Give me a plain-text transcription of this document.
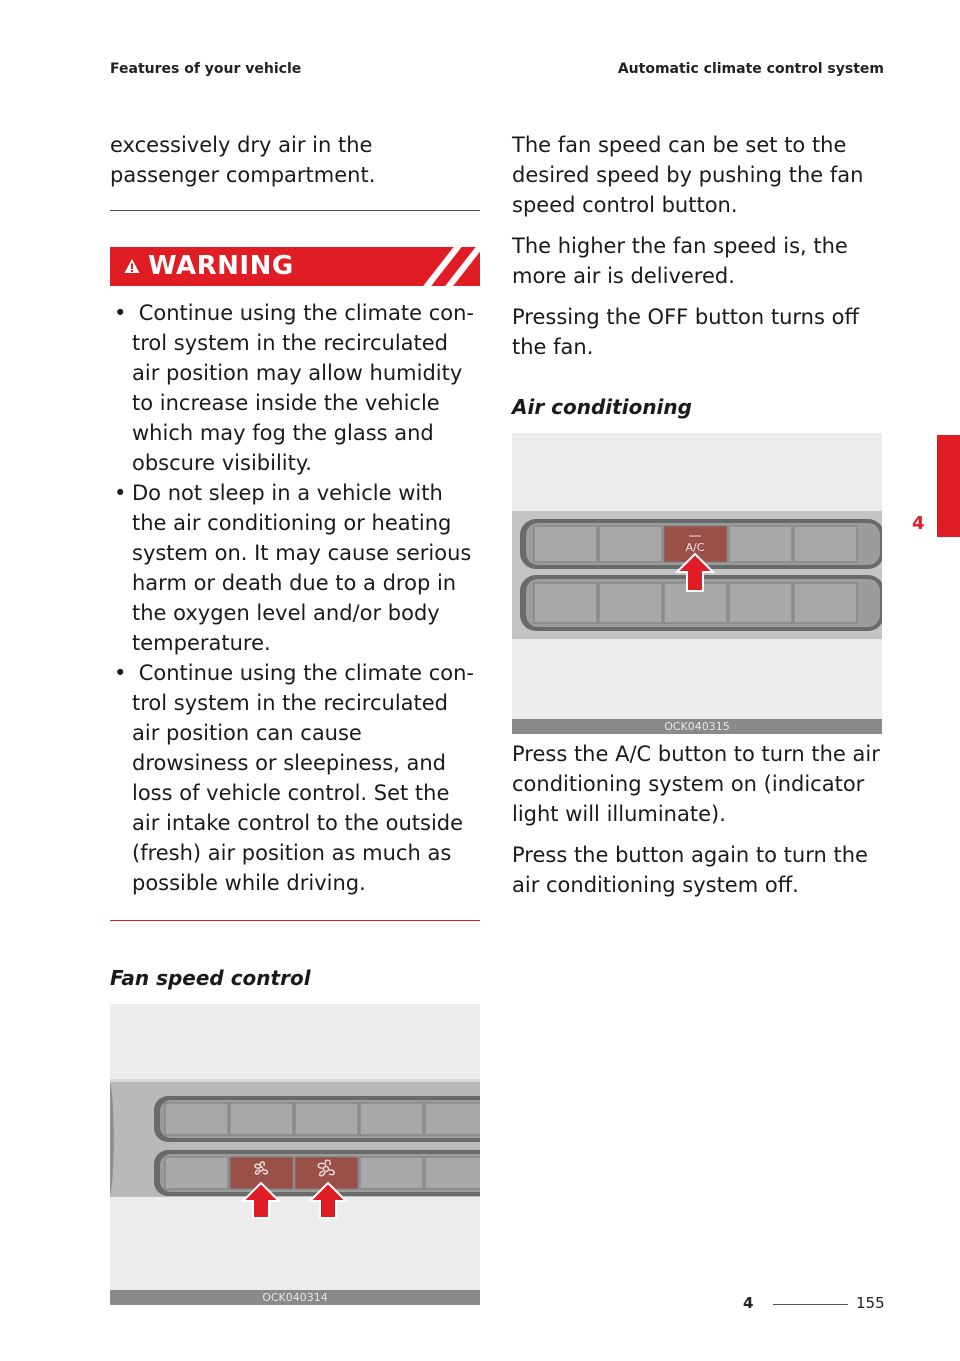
Features of your vehicle	Automatic climate control system

excessively dry air in the passenger compartment.

WARNING
• Continue using the climate con-trol system in the recirculated air position may allow humidity to increase inside the vehicle which may fog the glass and obscure visibility.
• Do not sleep in a vehicle with the air conditioning or heating system on. It may cause serious harm or death due to a drop in the oxygen level and/or body temperature.
• Continue using the climate con-trol system in the recirculated air position can cause drowsiness or sleepiness, and loss of vehicle control. Set the air intake control to the outside (fresh) air position as much as possible while driving.
Fan speed control
OCK040314

The fan speed can be set to the desired speed by pushing the fan speed control button.

The higher the fan speed is, the more air is delivered.

Pressing the OFF button turns off the fan.

Air conditioning
A/C
OCK040315

Press the A/C button to turn the air conditioning system on (indicator light will illuminate).

Press the button again to turn the air conditioning system off.

4
4	155
